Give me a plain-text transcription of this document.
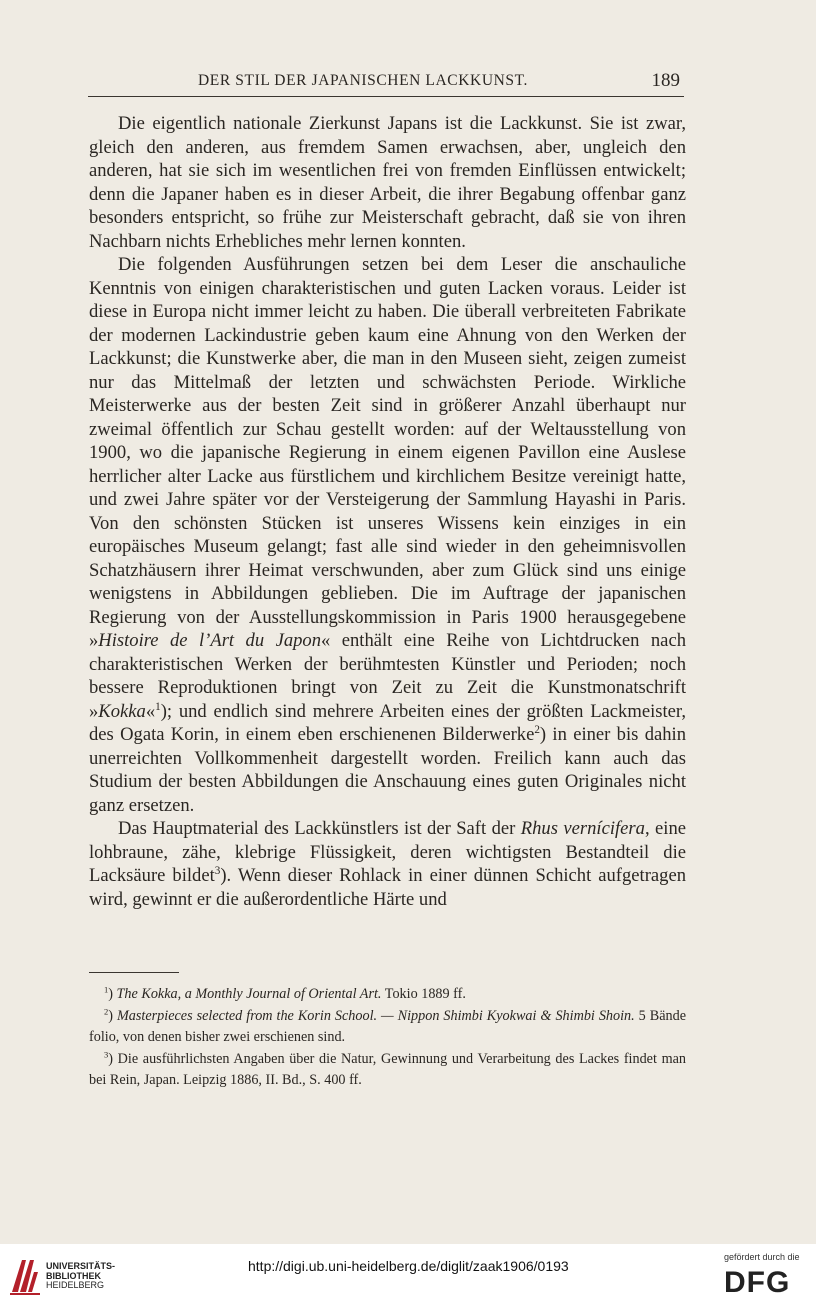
DER STIL DER JAPANISCHEN LACKKUNST.	189

Die eigentlich nationale Zierkunst Japans ist die Lackkunst. Sie ist zwar, gleich den anderen, aus fremdem Samen erwachsen, aber, ungleich den anderen, hat sie sich im wesentlichen frei von fremden Einflüssen entwickelt; denn die Japaner haben es in dieser Arbeit, die ihrer Begabung offenbar ganz besonders entspricht, so frühe zur Meisterschaft gebracht, daß sie von ihren Nachbarn nichts Erhebliches mehr lernen konnten.

Die folgenden Ausführungen setzen bei dem Leser die anschauliche Kenntnis von einigen charakteristischen und guten Lacken voraus. Leider ist diese in Europa nicht immer leicht zu haben. Die überall verbreiteten Fabrikate der modernen Lackindustrie geben kaum eine Ahnung von den Werken der Lackkunst; die Kunstwerke aber, die man in den Museen sieht, zeigen zumeist nur das Mittelmaß der letzten und schwächsten Periode. Wirkliche Meisterwerke aus der besten Zeit sind in größerer Anzahl überhaupt nur zweimal öffentlich zur Schau gestellt worden: auf der Weltausstellung von 1900, wo die japanische Regierung in einem eigenen Pavillon eine Auslese herrlicher alter Lacke aus fürstlichem und kirchlichem Besitze vereinigt hatte, und zwei Jahre später vor der Versteigerung der Sammlung Hayashi in Paris. Von den schönsten Stücken ist unseres Wissens kein einziges in ein europäisches Museum gelangt; fast alle sind wieder in den geheimnisvollen Schatzhäusern ihrer Heimat verschwunden, aber zum Glück sind uns einige wenigstens in Abbildungen geblieben. Die im Auftrage der japanischen Regierung von der Ausstellungskommission in Paris 1900 herausgegebene »Histoire de l’Art du Japon« enthält eine Reihe von Lichtdrucken nach charakteristischen Werken der berühmtesten Künstler und Perioden; noch bessere Reproduktionen bringt von Zeit zu Zeit die Kunstmonatschrift »Kokka«$^1$); und endlich sind mehrere Arbeiten eines der größten Lackmeister, des Ogata Korin, in einem eben erschienenen Bilderwerke$^2$) in einer bis dahin unerreichten Vollkommenheit dargestellt worden. Freilich kann auch das Studium der besten Abbildungen die Anschauung eines guten Originales nicht ganz ersetzen.

Das Hauptmaterial des Lackkünstlers ist der Saft der Rhus vernícifera, eine lohbraune, zähe, klebrige Flüssigkeit, deren wichtigsten Bestandteil die Lacksäure bildet$^3$). Wenn dieser Rohlack in einer dünnen Schicht aufgetragen wird, gewinnt er die außerordentliche Härte und

$^1$) The Kokka, a Monthly Journal of Oriental Art. Tokio 1889 ff.

$^2$) Masterpieces selected from the Korin School. — Nippon Shimbi Kyokwai & Shimbi Shoin. 5 Bände folio, von denen bisher zwei erschienen sind.

$^3$) Die ausführlichsten Angaben über die Natur, Gewinnung und Verarbeitung des Lackes findet man bei Rein, Japan. Leipzig 1886, II. Bd., S. 400 ff.

UNIVERSITÄTS-
BIBLIOTHEK
HEIDELBERG
http://digi.ub.uni-heidelberg.de/diglit/zaak1906/0193
gefördert durch die
DFG
